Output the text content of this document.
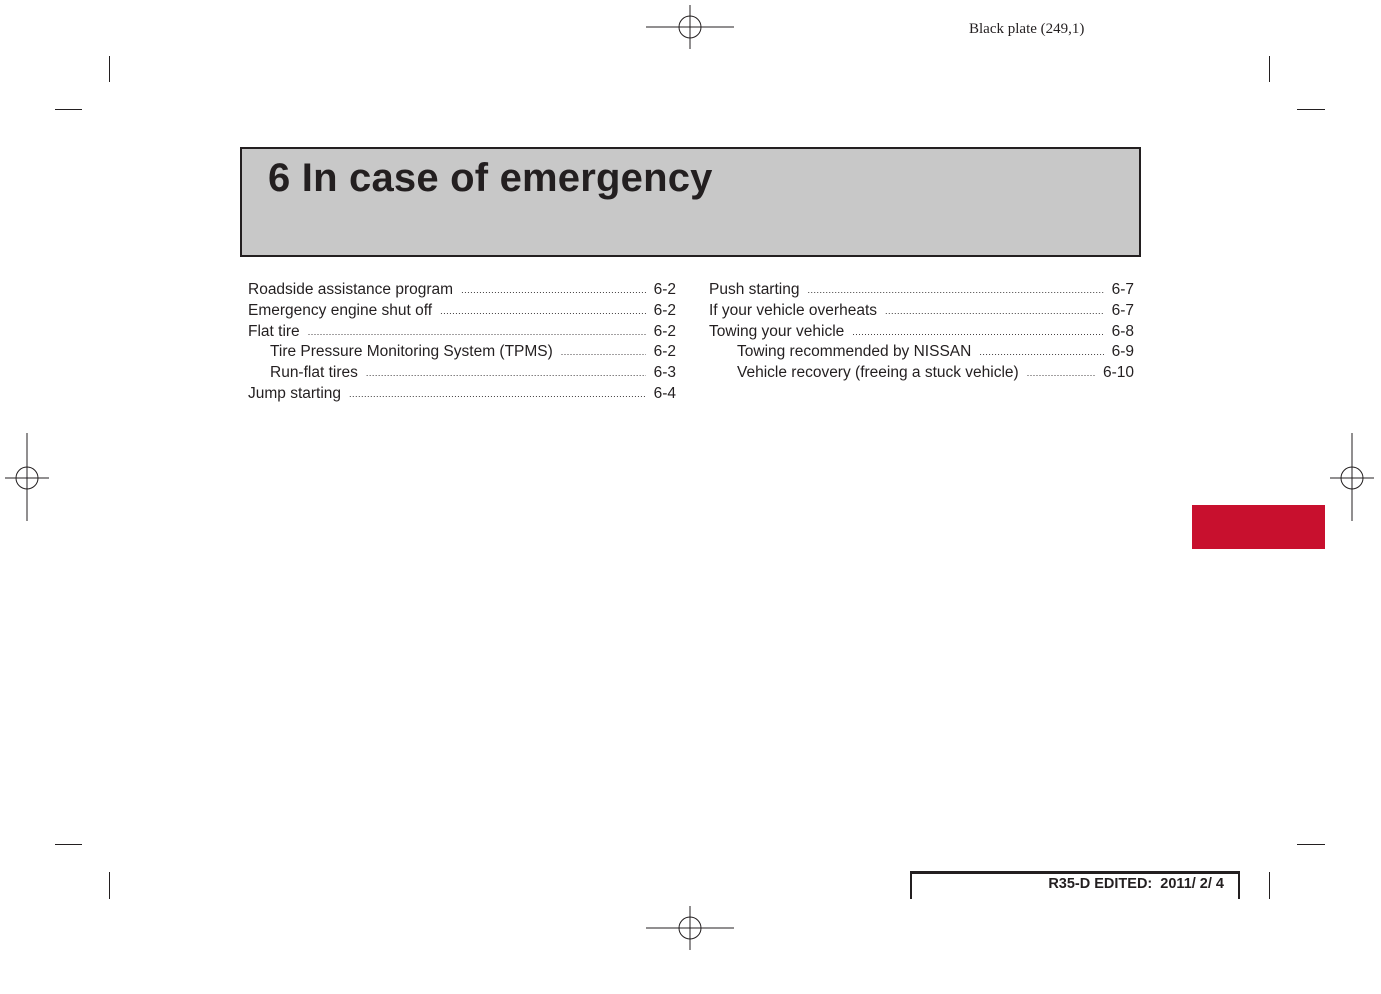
Black plate (249,1)
6 In case of emergency
Roadside assistance program .....	6-2
Emergency engine shut off .....	6-2
Flat tire .....	6-2
Tire Pressure Monitoring System (TPMS) .....	6-2
Run-flat tires .....	6-3
Jump starting .....	6-4
Push starting .....	6-7
If your vehicle overheats .....	6-7
Towing your vehicle .....	6-8
Towing recommended by NISSAN .....	6-9
Vehicle recovery (freeing a stuck vehicle) .....	6-10
R35-D EDITED:  2011/ 2/ 4
